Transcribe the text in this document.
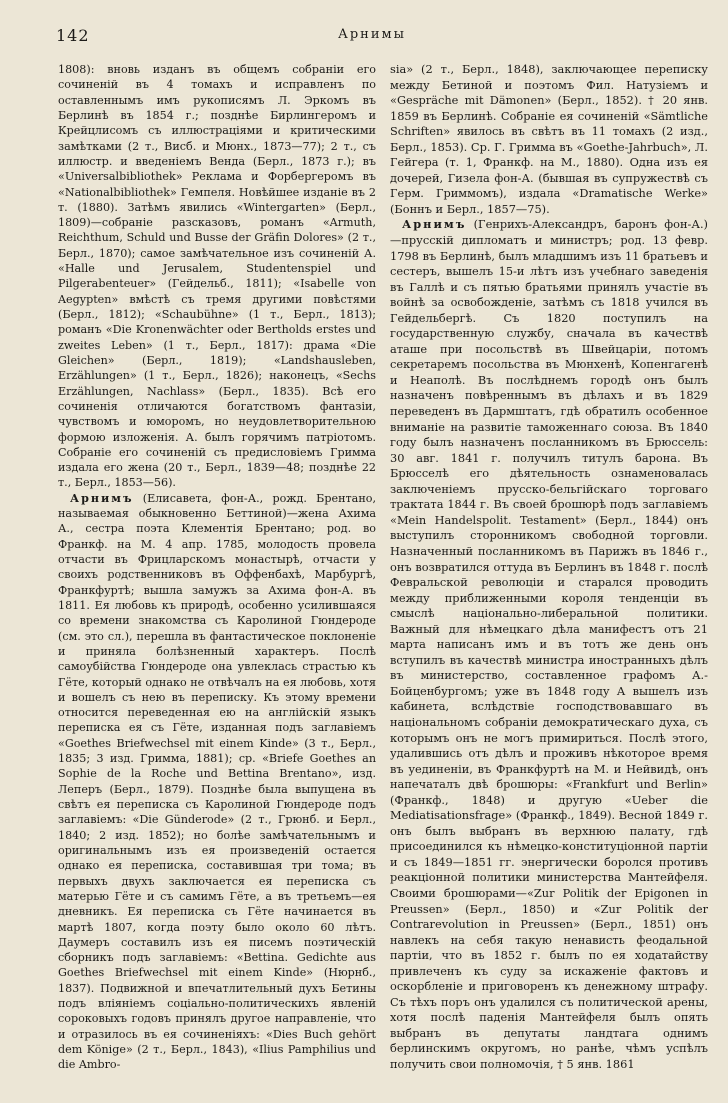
142	Арнимы

1808): вновь изданъ въ общемъ собраніи его сочиненій въ 4 томахъ и исправленъ по оставленнымъ имъ рукописямъ Л. Эркомъ въ Берлинѣ въ 1854 г.; позднѣе Бирлингеромъ и Крейцлисомъ съ иллюстраціями и критическими замѣтками (2 т., Висб. и Мюнх., 1873—77); 2 т., съ иллюстр. и введеніемъ Венда (Берл., 1873 г.); въ «Universalbibliothek» Реклама и Форбергеромъ въ «Nationalbibliothek» Гемпеля. Новѣйшее изданіе въ 2 т. (1880). Затѣмъ явились «Wintergarten» (Берл., 1809)—собраніе разсказовъ, романъ «Armuth, Reichthum, Schuld und Busse der Gräfin Dolores» (2 т., Берл., 1870); самое замѣчательное изъ сочиненій А. «Halle und Jerusalem, Studentenspiel und Pilgerabenteuer» (Гейдельб., 1811); «Isabelle von Aegypten» вмѣстѣ съ тремя другими повѣстями (Берл., 1812); «Schaubühne» (1 т., Берл., 1813); романъ «Die Kronenwächter oder Bertholds erstes und zweites Leben» (1 т., Берл., 1817): драма «Die Gleichen» (Берл., 1819); «Landshausleben, Erzählungen» (1 т., Берл., 1826); наконецъ, «Sechs Erzählungen, Nachlass» (Берл., 1835). Всѣ его сочиненія отличаются богатствомъ фантазіи, чувствомъ и юморомъ, но неудовлетворительною формою изложенія. А. былъ горячимъ патріотомъ. Собраніе его сочиненій съ предисловіемъ Гримма издала его жена (20 т., Берл., 1839—48; позднѣе 22 т., Берл., 1853—56).

Арнимъ (Елисавета, фон-А., рожд. Брентано, называемая обыкновенно Беттиной)—жена Ахима А., сестра поэта Клементія Брентано; род. во Франкф. на М. 4 апр. 1785, молодость провела отчасти въ Фрицларскомъ монастырѣ, отчасти у своихъ родственниковъ въ Оффенбахѣ, Марбургѣ, Франкфуртѣ; вышла замужъ за Ахима фон-А. въ 1811. Ея любовь къ природѣ, особенно усилившаяся со времени знакомства съ Каролиной Гюндероде (см. это сл.), перешла въ фантастическое поклоненіе и приняла болѣзненный характеръ. Послѣ самоубійства Гюндероде она увлеклась страстью къ Гёте, который однако не отвѣчалъ на ея любовь, хотя и вошелъ съ нею въ переписку. Къ этому времени относится переведенная ею на англійскій языкъ переписка ея съ Гёте, изданная подъ заглавіемъ «Goethes Briefwechsel mit einem Kinde» (3 т., Берл., 1835; 3 изд. Гримма, 1881); ср. «Briefe Goethes an Sophie de la Roche und Bettina Brentano», изд. Леперъ (Берл., 1879). Позднѣе была выпущена въ свѣтъ ея переписка съ Каролиной Гюндероде подъ заглавіемъ: «Die Günderode» (2 т., Грюнб. и Берл., 1840; 2 изд. 1852); но болѣе замѣчательнымъ и оригинальнымъ изъ ея произведеній остается однако ея переписка, составившая три тома; въ первыхъ двухъ заключается ея переписка съ матерью Гёте и съ самимъ Гёте, а въ третьемъ—ея дневникъ. Ея переписка съ Гёте начинается въ мартѣ 1807, когда поэту было около 60 лѣтъ. Даумеръ составилъ изъ ея писемъ поэтическій сборникъ подъ заглавіемъ: «Bettina. Gedichte aus Goethes Briefwechsel mit einem Kinde» (Нюрнб., 1837). Подвижной и впечатлительный духъ Бетины подъ вліяніемъ соціально-политическихъ явленій сороковыхъ годовъ принялъ другое направленіе, что и отразилось въ ея сочиненіяхъ: «Dies Buch gehört dem Könige» (2 т., Берл., 1843), «Ilius Pamphilius und die Ambro-

sia» (2 т., Берл., 1848), заключающее переписку между Бетиной и поэтомъ Фил. Натузіемъ и «Gespräche mit Dämonen» (Берл., 1852). † 20 янв. 1859 въ Берлинѣ. Собраніе ея сочиненій «Sämtliche Schriften» явилось въ свѣтъ въ 11 томахъ (2 изд., Берл., 1853). Ср. Г. Гримма въ «Goethe-Jahrbuch», Л. Гейгера (т. 1, Франкф. на М., 1880). Одна изъ ея дочерей, Гизела фон-А. (бывшая въ супружествѣ съ Герм. Гриммомъ), издала «Dramatische Werke» (Боннъ и Берл., 1857—75).

Арнимъ (Генрихъ-Александръ, баронъ фон-А.)—прусскій дипломатъ и министръ; род. 13 февр. 1798 въ Берлинѣ, былъ младшимъ изъ 11 братьевъ и сестеръ, вышелъ 15-и лѣтъ изъ учебнаго заведенія въ Галлѣ и съ пятью братьями принялъ участіе въ войнѣ за освобожденіе, затѣмъ съ 1818 учился въ Гейдельбергѣ. Съ 1820 поступилъ на государственную службу, сначала въ качествѣ аташе при посольствѣ въ Швейцаріи, потомъ секретаремъ посольства въ Мюнхенѣ, Копенгагенѣ и Неаполѣ. Въ послѣднемъ городѣ онъ былъ назначенъ повѣреннымъ въ дѣлахъ и въ 1829 переведенъ въ Дармштатъ, гдѣ обратилъ особенное вниманіе на развитіе таможеннаго союза. Въ 1840 году былъ назначенъ посланникомъ въ Брюссель: 30 авг. 1841 г. получилъ титулъ барона. Въ Брюсселѣ его дѣятельность ознаменовалась заключеніемъ прусско-бельгійскаго торговаго трактата 1844 г. Въ своей брошюрѣ подъ заглавіемъ «Mein Handelspolit. Testament» (Берл., 1844) онъ выступилъ сторонникомъ свободной торговли. Назначенный посланникомъ въ Парижъ въ 1846 г., онъ возвратился оттуда въ Берлинъ въ 1848 г. послѣ Февральской революціи и старался проводить между приближенными короля тенденціи въ смыслѣ національно-либеральной политики. Важный для нѣмецкаго дѣла манифестъ отъ 21 марта написанъ имъ и въ тотъ же день онъ вступилъ въ качествѣ министра иностранныхъ дѣлъ въ министерство, составленное графомъ А.-Бойценбургомъ; уже въ 1848 году А вышелъ изъ кабинета, вслѣдствіе господствовавшаго въ національномъ собраніи демократическаго духа, съ которымъ онъ не могъ примириться. Послѣ этого, удалившись отъ дѣлъ и проживъ нѣкоторое время въ уединеніи, въ Франкфуртѣ на М. и Нейвидѣ, онъ напечаталъ двѣ брошюры: «Frankfurt und Berlin» (Франкф., 1848) и другую «Ueber die Mediatisationsfrage» (Франкф., 1849). Весной 1849 г. онъ былъ выбранъ въ верхнюю палату, гдѣ присоединился къ нѣмецко-конституціонной партіи и съ 1849—1851 гг. энергически боролся противъ реакціонной политики министерства Мантейфеля. Своими брошюрами—«Zur Politik der Epigonen in Preussen» (Берл., 1850) и «Zur Politik der Contrarevolution in Preussen» (Берл., 1851) онъ навлекъ на себя такую ненависть феодальной партіи, что въ 1852 г. былъ по ея ходатайству привлеченъ къ суду за искаженіе фактовъ и оскорбленіе и приговоренъ къ денежному штрафу. Съ тѣхъ поръ онъ удалился съ политической арены, хотя послѣ паденія Мантейфеля былъ опять выбранъ въ депутаты ландтага однимъ берлинскимъ округомъ, но ранѣе, чѣмъ успѣлъ получить свои полномочія, † 5 янв. 1861
